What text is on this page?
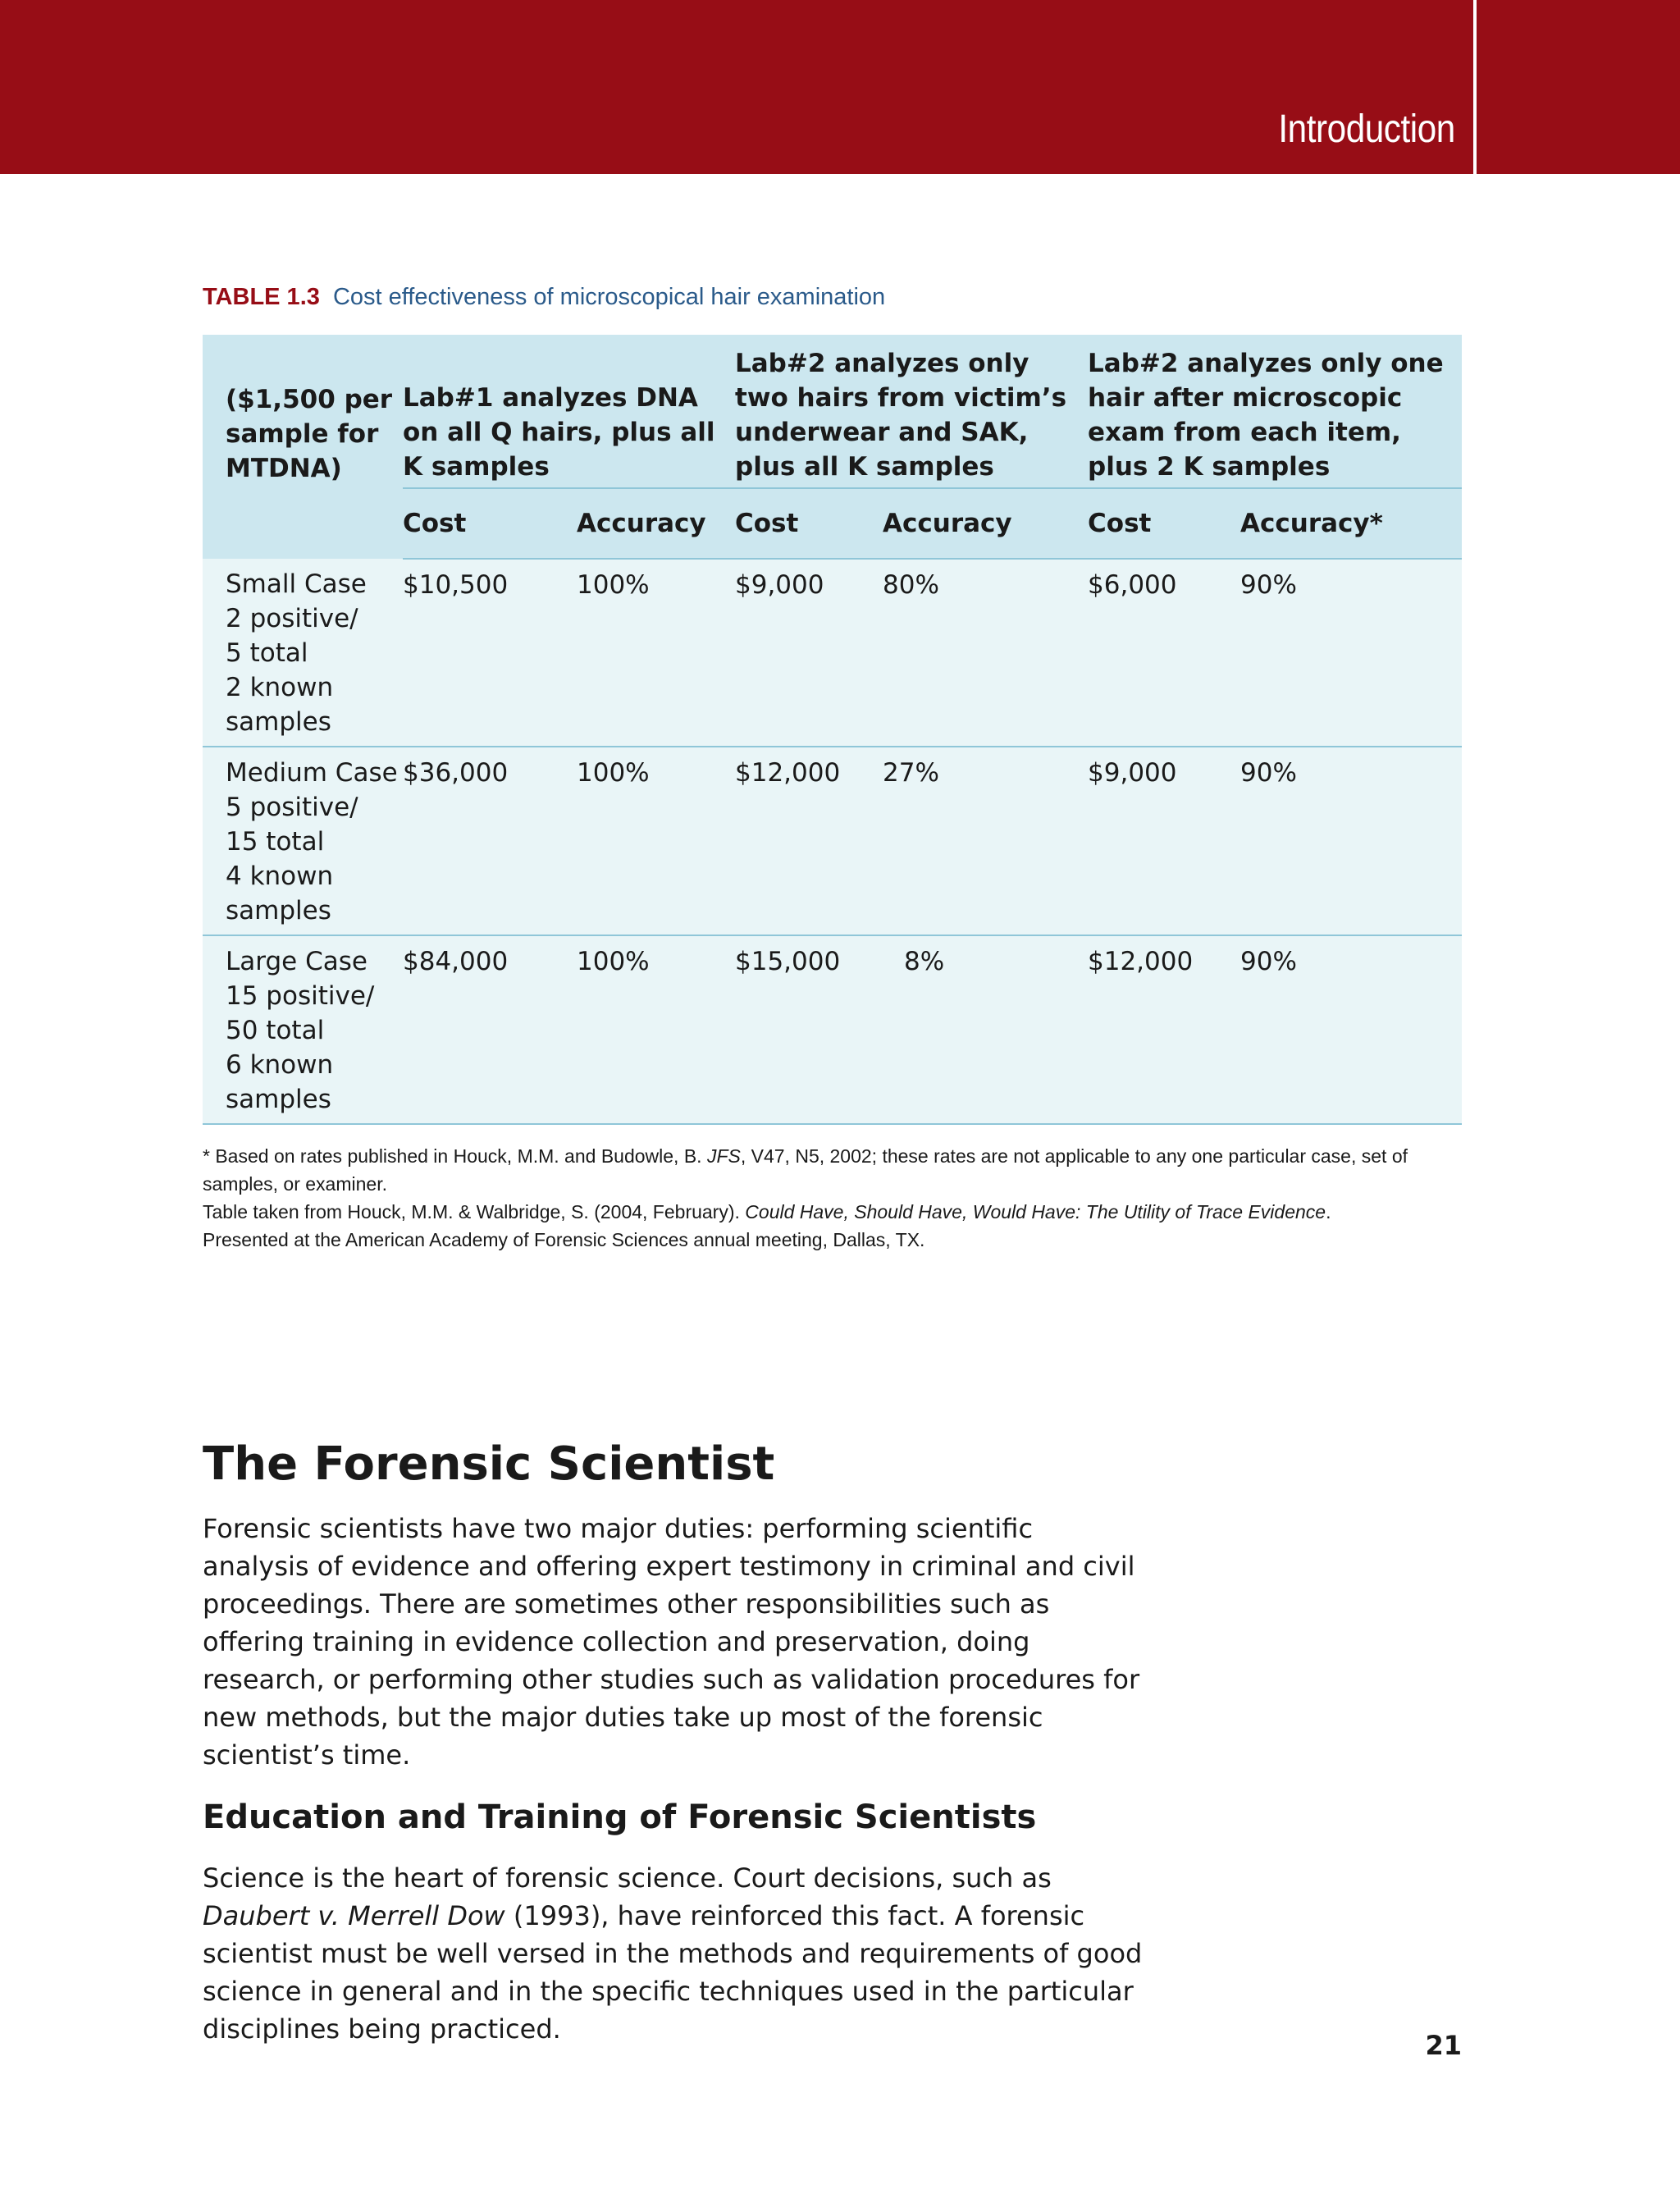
Introduction
TABLE 1.3 Cost effectiveness of microscopical hair examination
($1,500 per sample for MTDNA)	Lab#1 analyzes DNA on all Q hairs, plus all K samples		Lab#2 analyzes only two hairs from victim’s underwear and SAK, plus all K samples		Lab#2 analyzes only one hair after microscopic exam from each item, plus 2 K samples	
	Cost	Accuracy	Cost	Accuracy	Cost	Accuracy*
Small Case
2 positive/
5 total
2 known
samples	$10,500	100%	$9,000	80%	$6,000	90%
Medium Case
5 positive/
15 total
4 known
samples	$36,000	100%	$12,000	27%	$9,000	90%
Large Case
15 positive/
50 total
6 known
samples	$84,000	100%	$15,000	8%	$12,000	90%

* Based on rates published in Houck, M.M. and Budowle, B. JFS, V47, N5, 2002; these rates are not applicable to any one particular case, set of samples, or examiner.

Table taken from Houck, M.M. & Walbridge, S. (2004, February). Could Have, Should Have, Would Have: The Utility of Trace Evidence.

Presented at the American Academy of Forensic Sciences annual meeting, Dallas, TX.

The Forensic Scientist

Forensic scientists have two major duties: performing scientific analysis of evidence and offering expert testimony in criminal and civil proceedings. There are sometimes other responsibilities such as offering training in evidence collection and preservation, doing research, or performing other studies such as validation procedures for new methods, but the major duties take up most of the forensic scientist’s time.

Education and Training of Forensic Scientists

Science is the heart of forensic science. Court decisions, such as Daubert v. Merrell Dow (1993), have reinforced this fact. A forensic scientist must be well versed in the methods and requirements of good science in general and in the specific techniques used in the particular disciplines being practiced.

21
